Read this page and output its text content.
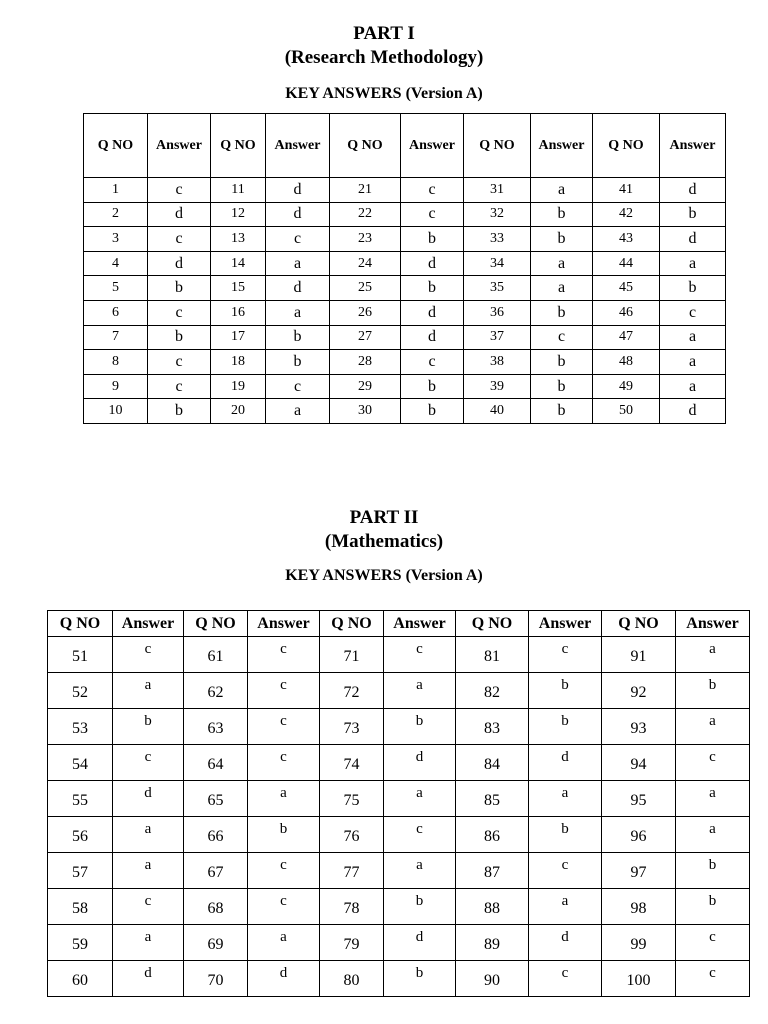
PART I
(Research Methodology)
KEY ANSWERS (Version A)
Q NO	Answer	Q NO	Answer	Q NO	Answer	Q NO	Answer	Q NO	Answer
1	c	11	d	21	c	31	a	41	d
2	d	12	d	22	c	32	b	42	b
3	c	13	c	23	b	33	b	43	d
4	d	14	a	24	d	34	a	44	a
5	b	15	d	25	b	35	a	45	b
6	c	16	a	26	d	36	b	46	c
7	b	17	b	27	d	37	c	47	a
8	c	18	b	28	c	38	b	48	a
9	c	19	c	29	b	39	b	49	a
10	b	20	a	30	b	40	b	50	d
PART II
(Mathematics)
KEY ANSWERS (Version A)
Q NO	Answer	Q NO	Answer	Q NO	Answer	Q NO	Answer	Q NO	Answer
51	c	61	c	71	c	81	c	91	a
52	a	62	c	72	a	82	b	92	b
53	b	63	c	73	b	83	b	93	a
54	c	64	c	74	d	84	d	94	c
55	d	65	a	75	a	85	a	95	a
56	a	66	b	76	c	86	b	96	a
57	a	67	c	77	a	87	c	97	b
58	c	68	c	78	b	88	a	98	b
59	a	69	a	79	d	89	d	99	c
60	d	70	d	80	b	90	c	100	c
